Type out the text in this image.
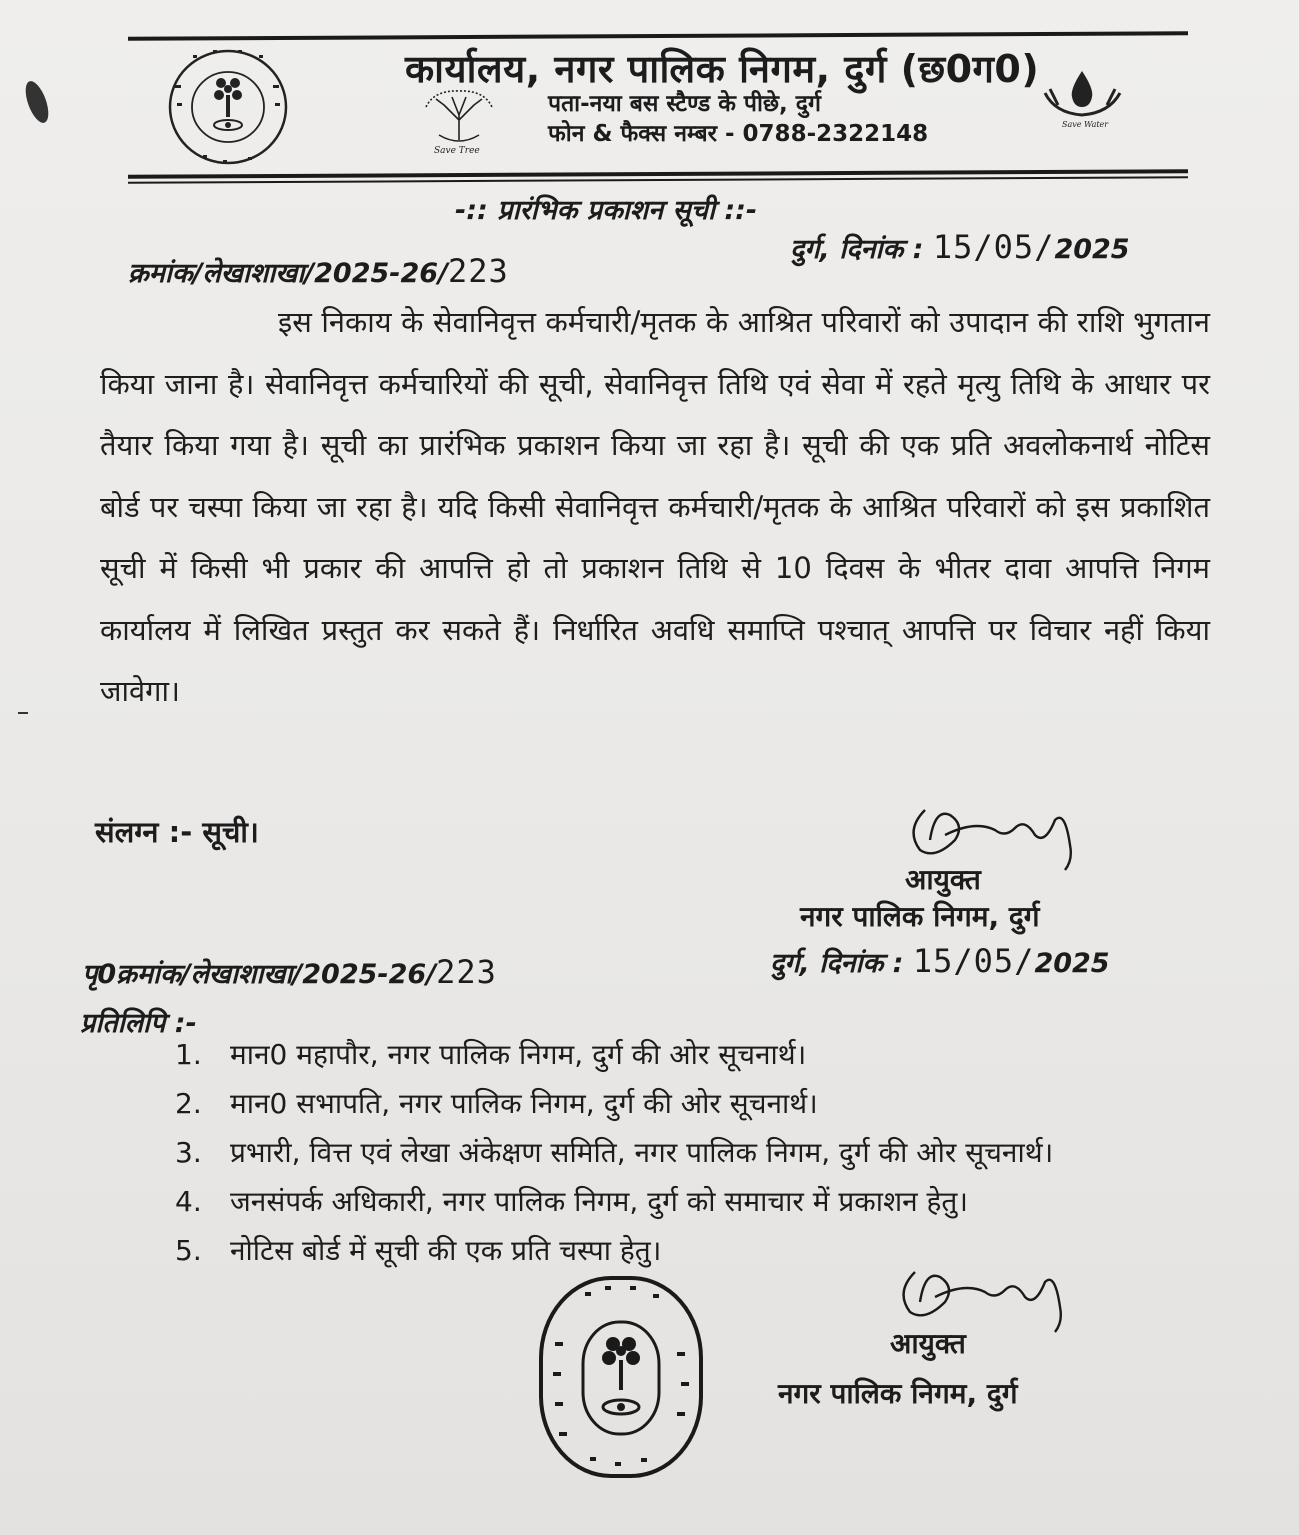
Save Tree
Save Water
कार्यालय, नगर पालिक निगम, दुर्ग (छ0ग0)
पता-नया बस स्टैण्ड के पीछे, दुर्ग
फोन & फैक्स नम्बर - 0788-2322148
-:: प्रारंभिक प्रकाशन सूची ::-
क्रमांक/लेखाशाखा/2025-26/223
दुर्ग, दिनांक : 15/05/2025
इस निकाय के सेवानिवृत्त कर्मचारी/मृतक के आश्रित परिवारों को उपादान की राशि भुगतान किया जाना है। सेवानिवृत्त कर्मचारियों की सूची, सेवानिवृत्त तिथि एवं सेवा में रहते मृत्यु तिथि के आधार पर तैयार किया गया है। सूची का प्रारंभिक प्रकाशन किया जा रहा है। सूची की एक प्रति अवलोकनार्थ नोटिस बोर्ड पर चस्पा किया जा रहा है। यदि किसी सेवानिवृत्त कर्मचारी/मृतक के आश्रित परिवारों को इस प्रकाशित सूची में किसी भी प्रकार की आपत्ति हो तो प्रकाशन तिथि से 10 दिवस के भीतर दावा आपत्ति निगम कार्यालय में लिखित प्रस्तुत कर सकते हैं। निर्धारित अवधि समाप्ति पश्चात् आपत्ति पर विचार नहीं किया जावेगा।
संलग्न :- सूची।
आयुक्त
नगर पालिक निगम, दुर्ग
पृ0क्रमांक/लेखाशाखा/2025-26/223	दुर्ग, दिनांक : 15/05/2025
प्रतिलिपि :-
1. मान0 महापौर, नगर पालिक निगम, दुर्ग की ओर सूचनार्थ।
2. मान0 सभापति, नगर पालिक निगम, दुर्ग की ओर सूचनार्थ।
3. प्रभारी, वित्त एवं लेखा अंकेक्षण समिति, नगर पालिक निगम, दुर्ग की ओर सूचनार्थ।
4. जनसंपर्क अधिकारी, नगर पालिक निगम, दुर्ग को समाचार में प्रकाशन हेतु।
5. नोटिस बोर्ड में सूची की एक प्रति चस्पा हेतु।
आयुक्त
नगर पालिक निगम, दुर्ग
